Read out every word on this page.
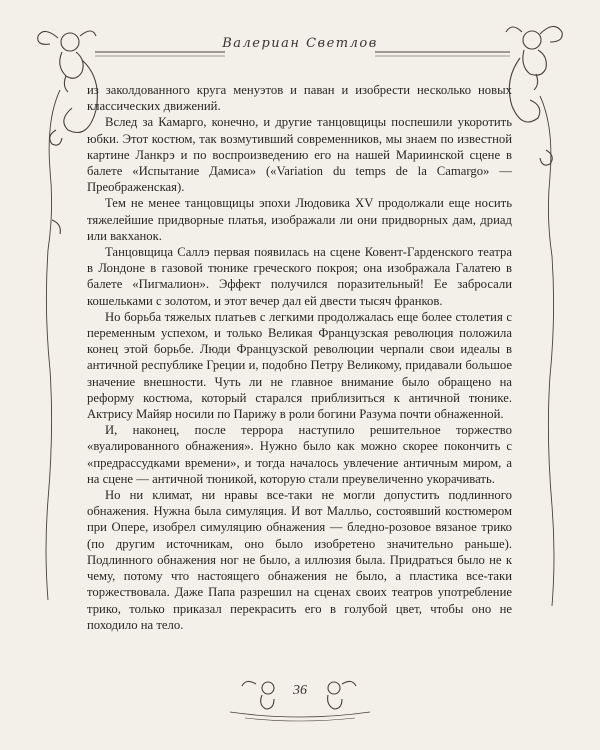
Валериан Светлов

из заколдованного круга менуэтов и паван и изобрести несколько новых классических движений.

Вслед за Камарго, конечно, и другие танцовщицы поспешили укоротить юбки. Этот костюм, так возмутивший современников, мы знаем по известной картине Ланкрэ и по воспроизведению его на нашей Мариинской сцене в балете «Испытание Дамиса» («Variation du temps de la Camargo» — Преображенская).

Тем не менее танцовщицы эпохи Людовика XV продолжали еще носить тяжелейшие придворные платья, изображали ли они придворных дам, дриад или вакханок.

Танцовщица Саллэ первая появилась на сцене Ковент-Гарденского театра в Лондоне в газовой тюнике греческого покроя; она изображала Галатею в балете «Пигмалион». Эффект получился поразительный! Ее забросали кошельками с золотом, и этот вечер дал ей двести тысяч франков.

Но борьба тяжелых платьев с легкими продолжалась еще более столетия с переменным успехом, и только Великая Французская революция положила конец этой борьбе. Люди Французской революции черпали свои идеалы в античной республике Греции и, подобно Петру Великому, придавали большое значение внешности. Чуть ли не главное внимание было обращено на реформу костюма, который старался приблизиться к античной тюнике. Актрису Майяр носили по Парижу в роли богини Разума почти обнаженной.

И, наконец, после террора наступило решительное торжество «вуалированного обнажения». Нужно было как можно скорее покончить с «предрассудками времени», и тогда началось увлечение античным миром, а на сцене — античной тюникой, которую стали преувеличенно укорачивать.

Но ни климат, ни нравы все-таки не могли допустить подлинного обнажения. Нужна была симуляция. И вот Малльо, состоявший костюмером при Опере, изобрел симуляцию обнажения — бледно-розовое вязаное трико (по другим источникам, оно было изобретено значительно раньше). Подлинного обнажения ног не было, а иллюзия была. Придраться было не к чему, потому что настоящего обнажения не было, а пластика все-таки торжествовала. Даже Папа разрешил на сценах своих театров употребление трико, только приказал перекрасить его в голубой цвет, чтобы оно не походило на тело.

36
